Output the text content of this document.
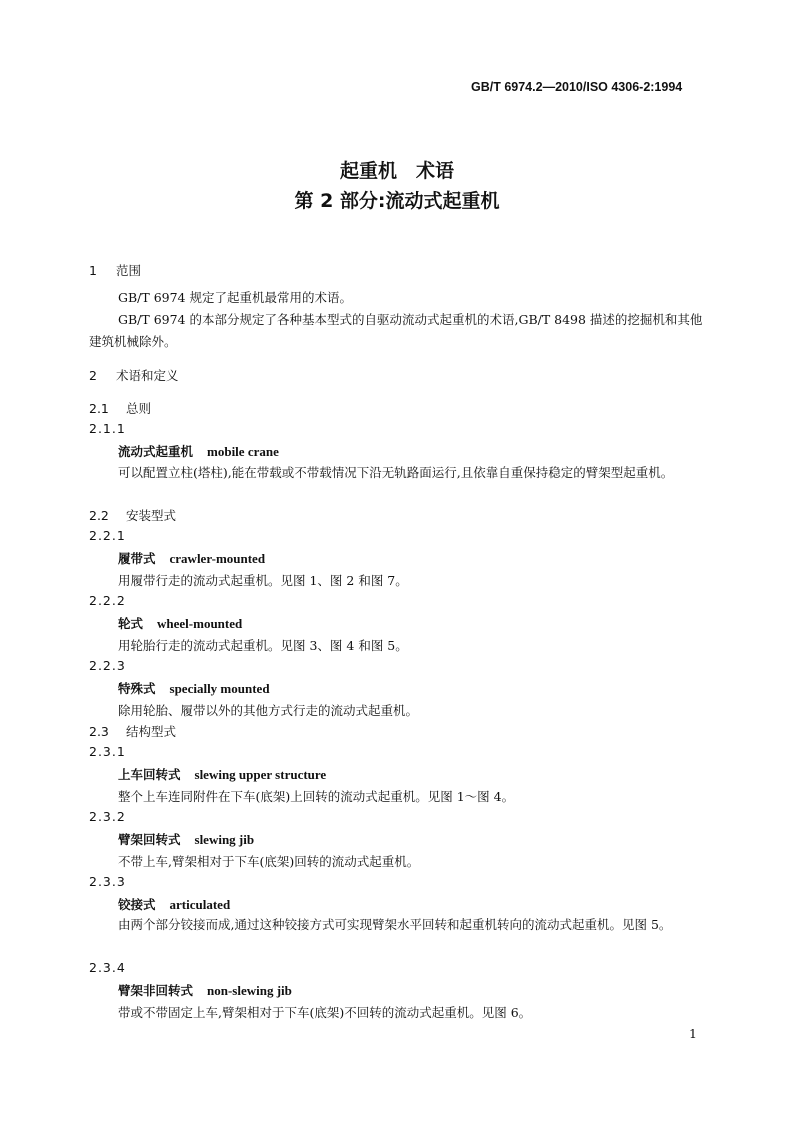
GB/T 6974.2—2010/ISO 4306-2:1994
起重机　术语
第 2 部分:流动式起重机
1 范围
GB/T 6974 规定了起重机最常用的术语。
GB/T 6974 的本部分规定了各种基本型式的自驱动流动式起重机的术语,GB/T 8498 描述的挖掘机和其他建筑机械除外。
2 术语和定义
2.1 总则
2.1.1
流动式起重机 mobile crane
可以配置立柱(塔柱),能在带载或不带载情况下沿无轨路面运行,且依靠自重保持稳定的臂架型起重机。
2.2 安装型式
2.2.1
履带式 crawler-mounted
用履带行走的流动式起重机。见图 1、图 2 和图 7。
2.2.2
轮式 wheel-mounted
用轮胎行走的流动式起重机。见图 3、图 4 和图 5。
2.2.3
特殊式 specially mounted
除用轮胎、履带以外的其他方式行走的流动式起重机。
2.3 结构型式
2.3.1
上车回转式 slewing upper structure
整个上车连同附件在下车(底架)上回转的流动式起重机。见图 1～图 4。
2.3.2
臂架回转式 slewing jib
不带上车,臂架相对于下车(底架)回转的流动式起重机。
2.3.3
铰接式 articulated
由两个部分铰接而成,通过这种铰接方式可实现臂架水平回转和起重机转向的流动式起重机。见图 5。
2.3.4
臂架非回转式 non-slewing jib
带或不带固定上车,臂架相对于下车(底架)不回转的流动式起重机。见图 6。
1
